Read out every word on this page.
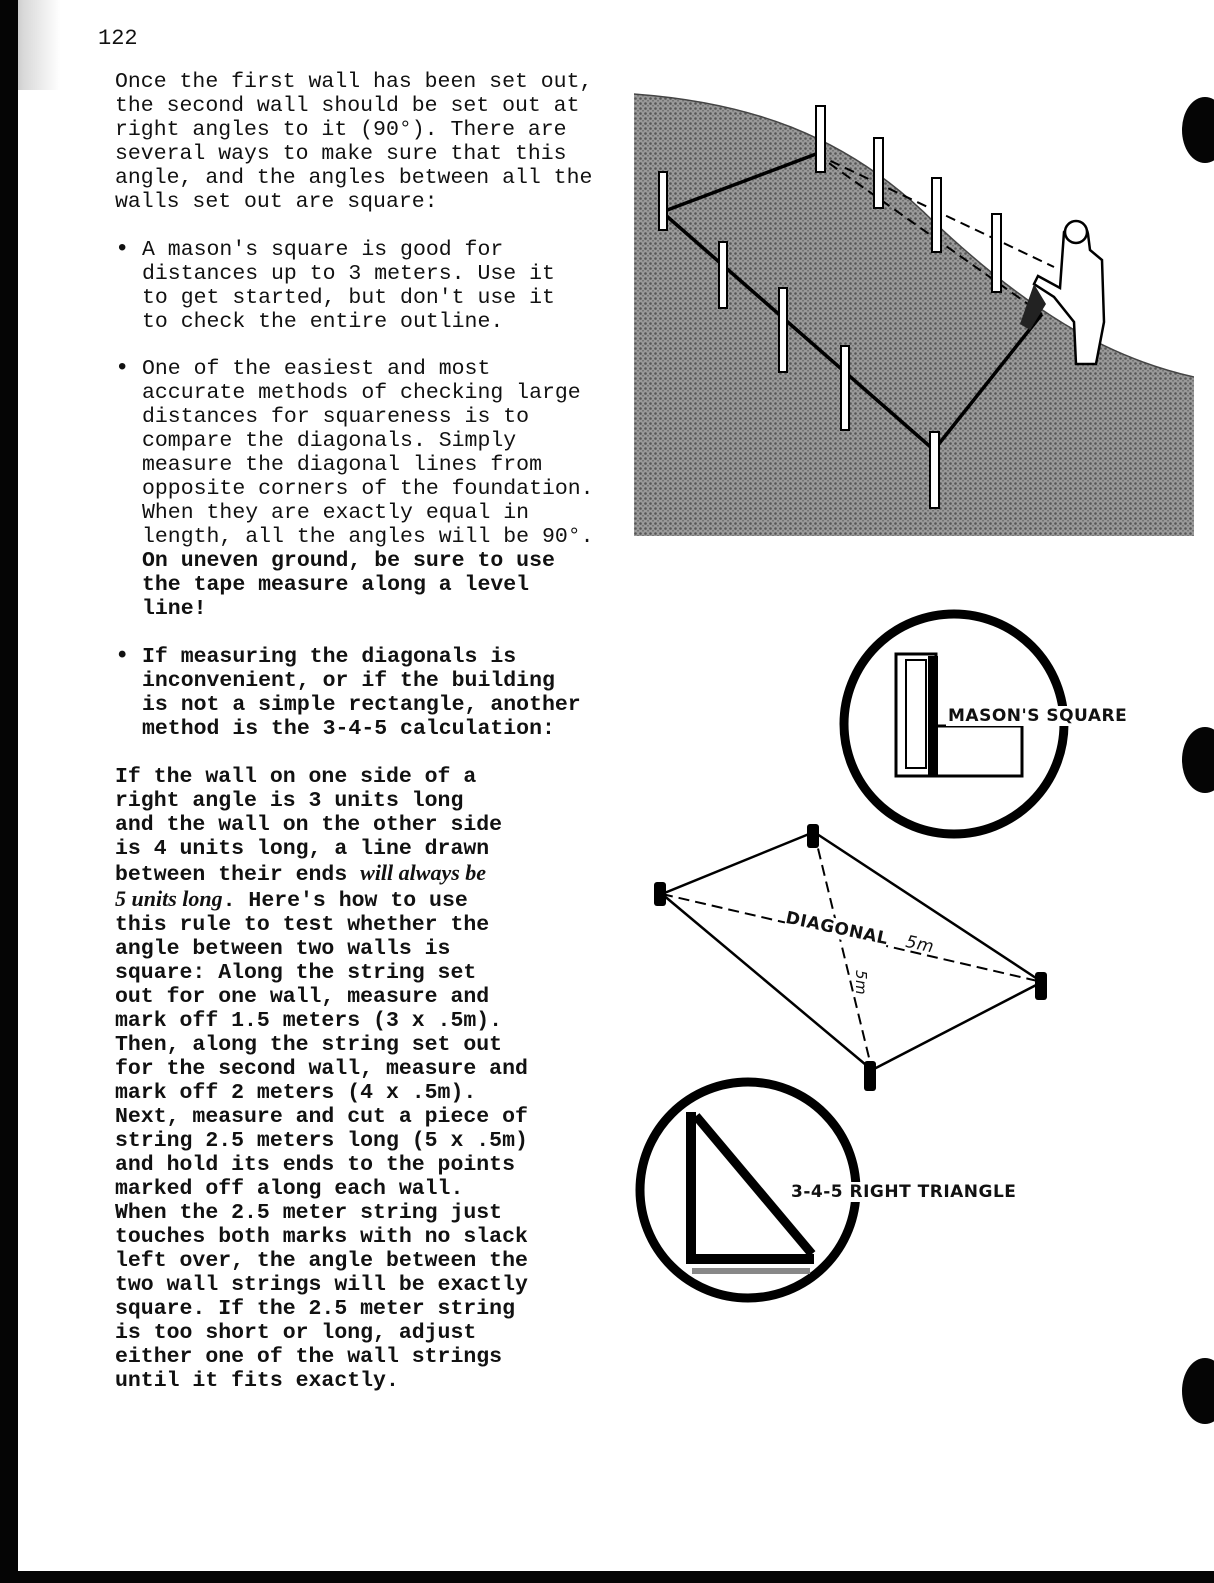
122

Once the first wall has been set out,
the second wall should be set out at
right angles to it (90°). There are
several ways to make sure that this
angle, and the angles between all the
walls set out are square:

• A mason's square is good for
distances up to 3 meters. Use it
to get started, but don't use it
to check the entire outline.

• One of the easiest and most
accurate methods of checking large
distances for squareness is to
compare the diagonals. Simply
measure the diagonal lines from
opposite corners of the foundation.
When they are exactly equal in
length, all the angles will be 90°.

On uneven ground, be sure to use
the tape measure along a level
line!

• If measuring the diagonals is
inconvenient, or if the building
is not a simple rectangle, another
method is the 3-4-5 calculation:

If the wall on one side of a
right angle is 3 units long
and the wall on the other side
is 4 units long, a line drawn
between their ends will always be
5 units long. Here's how to use
this rule to test whether the
angle between two walls is
square: Along the string set
out for one wall, measure and
mark off 1.5 meters (3 x .5m).
Then, along the string set out
for the second wall, measure and
mark off 2 meters (4 x .5m).
Next, measure and cut a piece of
string 2.5 meters long (5 x .5m)
and hold its ends to the points
marked off along each wall.
When the 2.5 meter string just
touches both marks with no slack
left over, the angle between the
two wall strings will be exactly
square. If the 2.5 meter string
is too short or long, adjust
either one of the wall strings
until it fits exactly.

MASON'S SQUARE
DIAGONAL 5m
5m
3-4-5 RIGHT TRIANGLE
